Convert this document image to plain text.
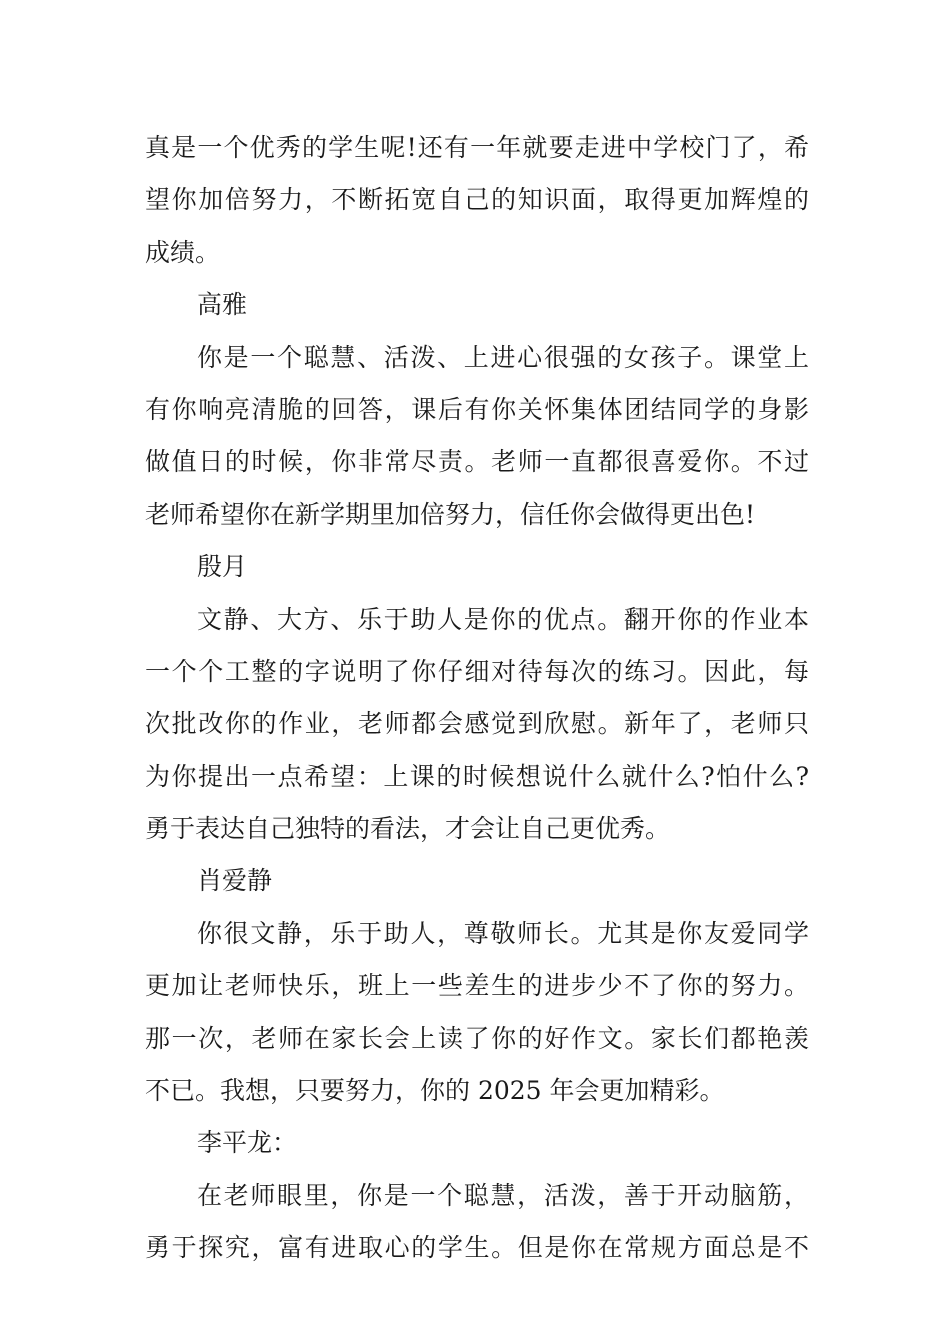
真是一个优秀的学生呢!还有一年就要走进中学校门了，希
望你加倍努力，不断拓宽自己的知识面，取得更加辉煌的
成绩。
高雅
你是一个聪慧、活泼、上进心很强的女孩子。课堂上
有你响亮清脆的回答，课后有你关怀集体团结同学的身影
做值日的时候，你非常尽责。老师一直都很喜爱你。不过
老师希望你在新学期里加倍努力，信任你会做得更出色!
殷月
文静、大方、乐于助人是你的优点。翻开你的作业本
一个个工整的字说明了你仔细对待每次的练习。因此，每
次批改你的作业，老师都会感觉到欣慰。新年了，老师只
为你提出一点希望：上课的时候想说什么就什么?怕什么?
勇于表达自己独特的看法，才会让自己更优秀。
肖爱静
你很文静，乐于助人，尊敬师长。尤其是你友爱同学
更加让老师快乐，班上一些差生的进步少不了你的努力。
那一次，老师在家长会上读了你的好作文。家长们都艳羡
不已。我想，只要努力，你的 2025 年会更加精彩。
李平龙：
在老师眼里，你是一个聪慧，活泼，善于开动脑筋，
勇于探究，富有进取心的学生。但是你在常规方面总是不
